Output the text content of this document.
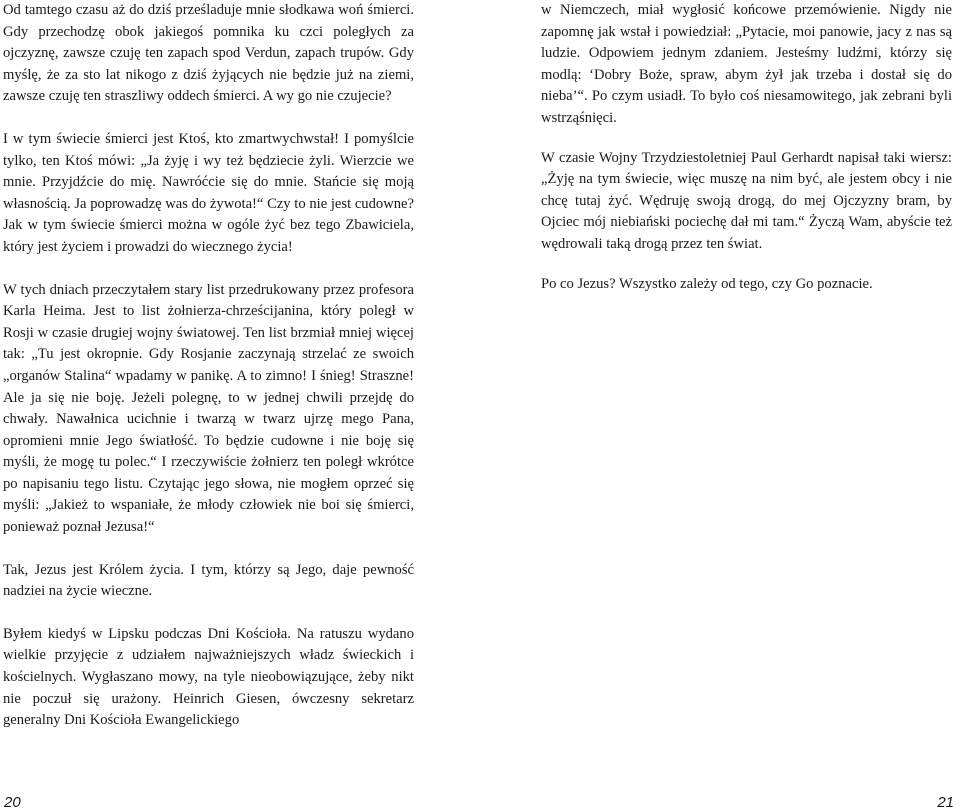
Od tamtego czasu aż do dziś prześladuje mnie słodkawa woń śmierci. Gdy przechodzę obok jakiegoś pomnika ku czci poległych za ojczyznę, zawsze czuję ten zapach spod Verdun, zapach trupów. Gdy myślę, że za sto lat nikogo z dziś żyjących nie będzie już na ziemi, zawsze czuję ten straszliwy oddech śmierci. A wy go nie czujecie?

I w tym świecie śmierci jest Ktoś, kto zmartwychwstał! I pomyślcie tylko, ten Ktoś mówi: „Ja żyję i wy też będziecie żyli. Wierzcie we mnie. Przyjdźcie do mię. Nawróćcie się do mnie. Stańcie się moją własnością. Ja poprowadzę was do żywota!“ Czy to nie jest cudowne? Jak w tym świecie śmierci można w ogóle żyć bez tego Zbawiciela, który jest życiem i prowadzi do wiecznego życia!

W tych dniach przeczytałem stary list przedrukowany przez profesora Karla Heima. Jest to list żołnierza-chrześcijanina, który poległ w Rosji w czasie drugiej wojny światowej. Ten list brzmiał mniej więcej tak: „Tu jest okropnie. Gdy Rosjanie zaczynają strzelać ze swoich „organów Stalina“ wpadamy w panikę. A to zimno! I śnieg! Straszne! Ale ja się nie boję. Jeżeli polegnę, to w jednej chwili przejdę do chwały. Nawałnica ucichnie i twarzą w twarz ujrzę mego Pana, opromieni mnie Jego światłość. To będzie cudowne i nie boję się myśli, że mogę tu polec.“ I rzeczywiście żołnierz ten poległ wkrótce po napisaniu tego listu. Czytając jego słowa, nie mogłem oprzeć się myśli: „Jakież to wspaniałe, że młody człowiek nie boi się śmierci, ponieważ poznał Jezusa!“

Tak, Jezus jest Królem życia. I tym, którzy są Jego, daje pewność nadziei na życie wieczne.

Byłem kiedyś w Lipsku podczas Dni Kościoła. Na ratuszu wydano wielkie przyjęcie z udziałem najważniejszych władz świeckich i kościelnych. Wygłaszano mowy, na tyle nieobowiązujące, żeby nikt nie poczuł się urażony. Heinrich Giesen, ówczesny sekretarz generalny Dni Kościoła Ewangelickiego

w Niemczech, miał wygłosić końcowe przemówienie. Nigdy nie zapomnę jak wstał i powiedział: „Pytacie, moi panowie, jacy z nas są ludzie. Odpowiem jednym zdaniem. Jesteśmy ludźmi, którzy się modlą: ‘Dobry Boże, spraw, abym żył jak trzeba i dostał się do nieba’“. Po czym usiadł. To było coś niesamowitego, jak zebrani byli wstrząśnięci.

W czasie Wojny Trzydziestoletniej Paul Gerhardt napisał taki wiersz: „Żyję na tym świecie, więc muszę na nim być, ale jestem obcy i nie chcę tutaj żyć. Wędruję swoją drogą, do mej Ojczyzny bram, by Ojciec mój niebiański pociechę dał mi tam.“ Życzą Wam, abyście też wędrowali taką drogą przez ten świat.

Po co Jezus? Wszystko zależy od tego, czy Go poznacie.

20	21
